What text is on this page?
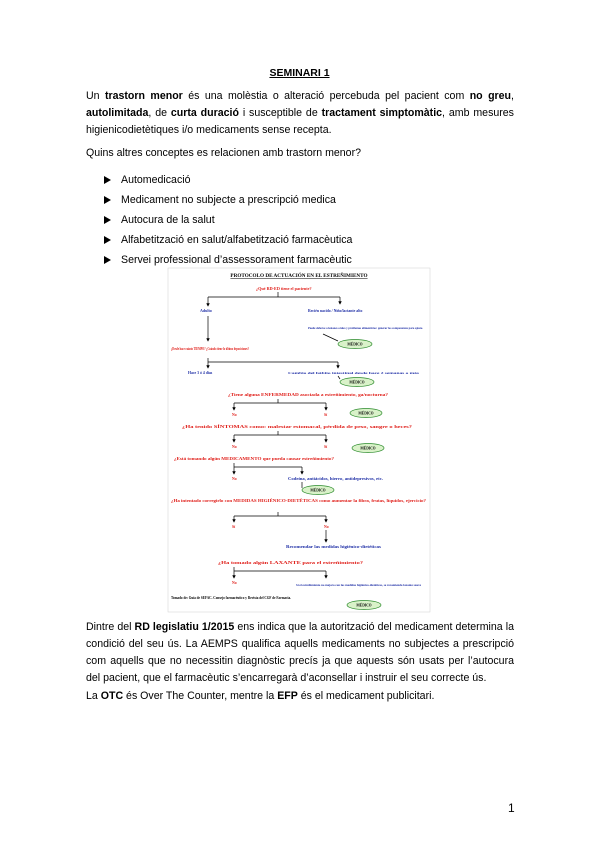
SEMINARI 1

Un trastorn menor és una molèstia o alteració percebuda pel pacient com no greu, autolimitada, de curta duració i susceptible de tractament simptomàtic, amb mesures higienicodietètiques i/o medicaments sense recepta.

Quins altres conceptes es relacionen amb trastorn menor?
Automedicació
Medicament no subjecte a prescripció medica
Autocura de la salut
Alfabetització en salut/alfabetització farmacèutica
Servei professional d’assessorament farmacèutic
PROTOCOLO DE ACTUACIÓN EN EL ESTREÑIMIENTO
¿Qué RD-ED tiene el paciente?
Adulto	Recién nacido / Niño/lactante alto
Puede deberse a lesiones orales y problemas alimenticios: generar los componentes para ajuste.
MÉDICO
¿Desde hace cuánto TIEMPO? ¿Cuándo tiene lo último deposiciones?
Hace 3 ó 4 días	Cambio del hábito intestinal desde hace 2 semanas o más
MÉDICO
¿Tiene alguna ENFERMEDAD asociada a estreñimiento, ga/nocturna?
No	Sí	MÉDICO
¿Ha tenido SÍNTOMAS como: malestar estomacal, pérdida de peso, sangre o heces?
No	Sí	MÉDICO
¿Está tomando algún MEDICAMENTO que pueda causar estreñimiento?
No	Codeína, antiácidos, hierro, antidepresivos, etc.
MÉDICO
¿Ha intentado corregirlo con MEDIDAS HIGIÉNICO-DIETÉTICAS como aumentar la fibra, frutas, líquidos, ejercicio?
Sí	No
Recomendar las medidas higiénico-dietéticas
¿Ha tomado algún LAXANTE para el estreñimiento?
No	Si el estreñimiento no mejora con las medidas higiénico-dietéticas, se recomienda laxante suave
MÉDICO
Tomado de: Guía de SEFAC. Consejo farmacéutico y Revista del CGF de Farmacia.

Dintre del RD legislatiu 1/2015 ens indica que la autorització del medicament determina la condició del seu ús. La AEMPS qualifica aquells medicaments no subjectes a prescripció com aquells que no necessitin diagnòstic precís ja que aquests són usats per l’autocura del pacient, que el farmacèutic s’encarregarà d’aconsellar i instruir el seu correcte ús.

La OTC és Over The Counter, mentre la EFP és el medicament publicitari.

1
